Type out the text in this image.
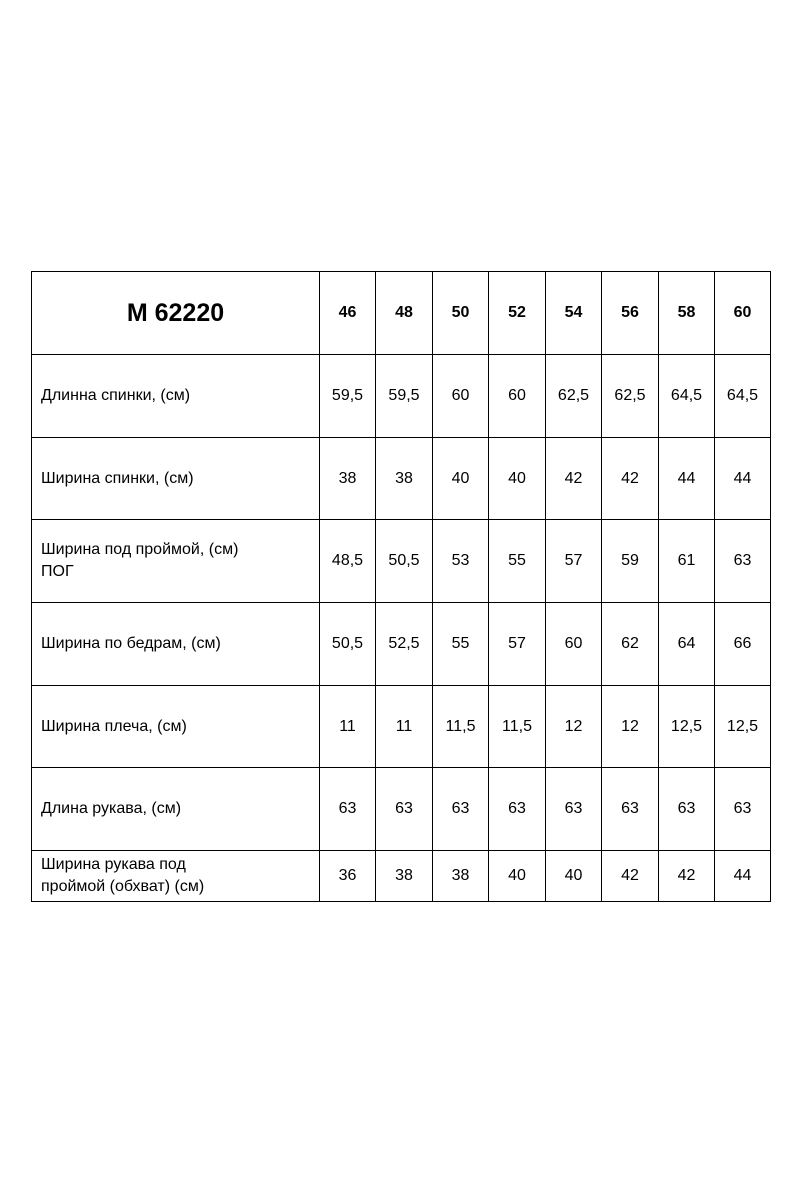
М 62220	46	48	50	52	54	56	58	60

Длинна спинки, (см)	59,5	59,5	60	60	62,5	62,5	64,5	64,5

Ширина спинки, (см)	38	38	40	40	42	42	44	44

Ширина под проймой, (см)
ПОГ	48,5	50,5	53	55	57	59	61	63

Ширина по бедрам, (см)	50,5	52,5	55	57	60	62	64	66

Ширина плеча, (см)	11	11	11,5	11,5	12	12	12,5	12,5

Длина рукава, (см)	63	63	63	63	63	63	63	63

Ширина рукава под
проймой (обхват) (см)	36	38	38	40	40	42	42	44
